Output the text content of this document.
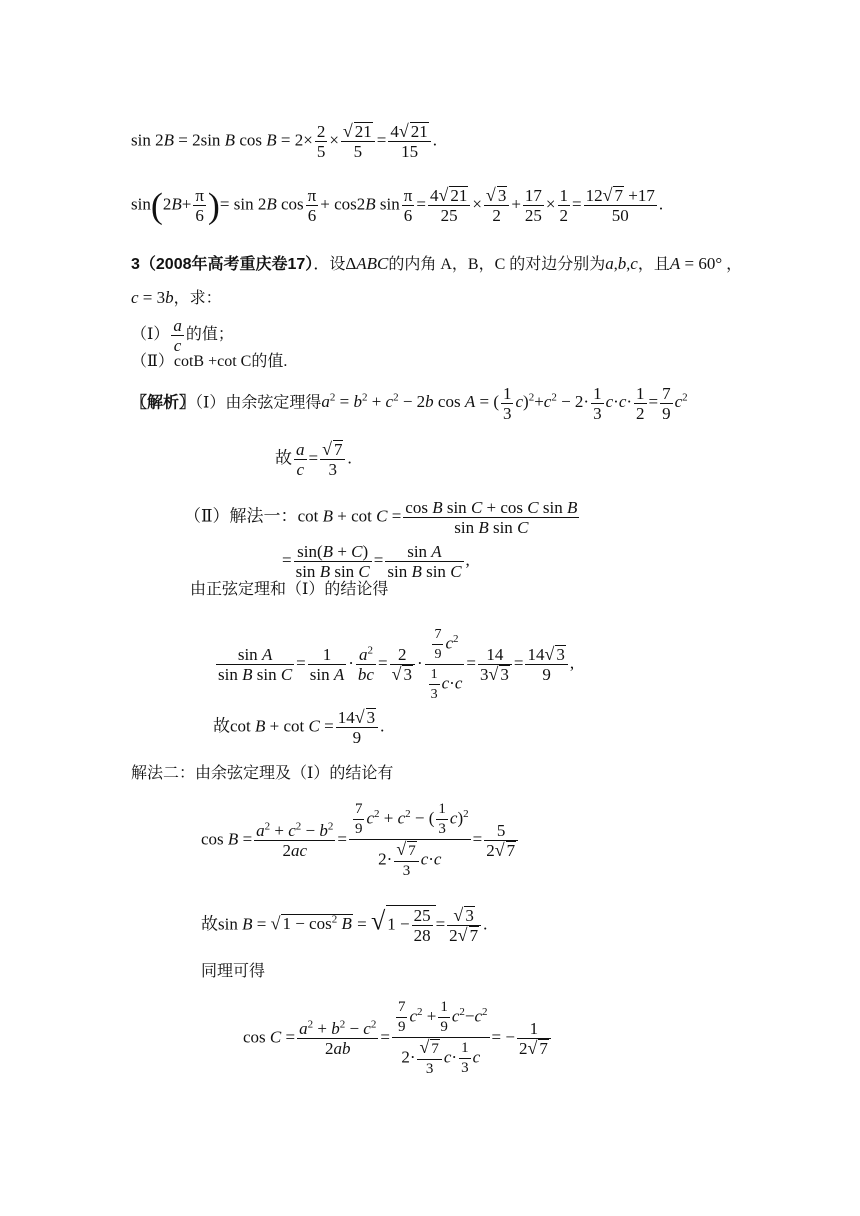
sin 2B = 2sin B $\cos B = 2\times \frac{2}{5} \times \frac{√ 21}{5} = \frac{4√ 21}{15}$ .
$\sin(2B+ \frac{\pi}{6}$ )= sin 2B $\cos \frac{\pi}{6} + \cos 2B$ $\sin \frac{\pi}{6} = \frac{4√ 21}{25} \times \frac{√ 3}{2} + \frac{17}{25} \times \frac{1}{2} = \frac{12√ 7 +17}{50}$ .
3（2008年高考重庆卷17）．设ΔABC的内角 A，B，C 的对边分别为a,b,c，且A = 60° ，
c = 3b，求：
（Ⅰ） $\frac{a}{c}$ 的值；
（Ⅱ）cotB +cot C的值.
〖解析〗（Ⅰ）由余弦定理得$a^2 = b^2 + c^2 - 2b$ cos A = ( $\frac{1}{3} c)^2+c^2 - 2\cdot \frac{1}{3} c\cdot c\cdot \frac{1}{2} = \frac{7}{9} c^2$
故 $\frac{a}{c} = \frac{√ 7}{3}$ .
（Ⅱ）解法一：$\cot B + \cot C = \frac{\text{cos B sin C + cos C sin B}}{\text{sin B sin C}}$
= $\frac{\sin(B + C)}{\text{sin B sin C}} = \frac{\text{sin A}}{\text{sin B sin C}}$ ,
由正弦定理和（Ⅰ）的结论得
$\frac{\text{sin A}}{\text{sin B sin C}} = \frac{1}{\text{sin A}} \cdot \frac{a^2}{bc} = \frac{2}{√ 3} \cdot \frac{\frac{7}{9} c^2}{\frac{1}{3} c\cdot c} = \frac{14}{3√ 3} = \frac{14√ 3}{9}$ ,
故$\cot B + \cot C = \frac{14√ 3}{9}$ .
解法二：由余弦定理及（Ⅰ）的结论有
$\cos B = \frac{a^2 + c^2 - b^2}{2ac} = \frac{\frac{7}{9} c^2 + c^2 - ( \frac{1}{3} c)^2}{2\cdot \frac{√ 7}{3} c\cdot c} = \frac{5}{2√ 7}$
故sin B = √ $1 - \cos^2 B$ = √ $1 - \frac{25}{28} = \frac{√ 3}{2√ 7}$ .
同理可得
$\cos C = \frac{a^2 + b^2 - c^2}{2ab} = \frac{\frac{7}{9} c^2 + \frac{1}{9} c^2-c^2}{2\cdot \frac{√ 7}{3} c\cdot \frac{1}{3} c}$ = − $\frac{1}{2√ 7}$
